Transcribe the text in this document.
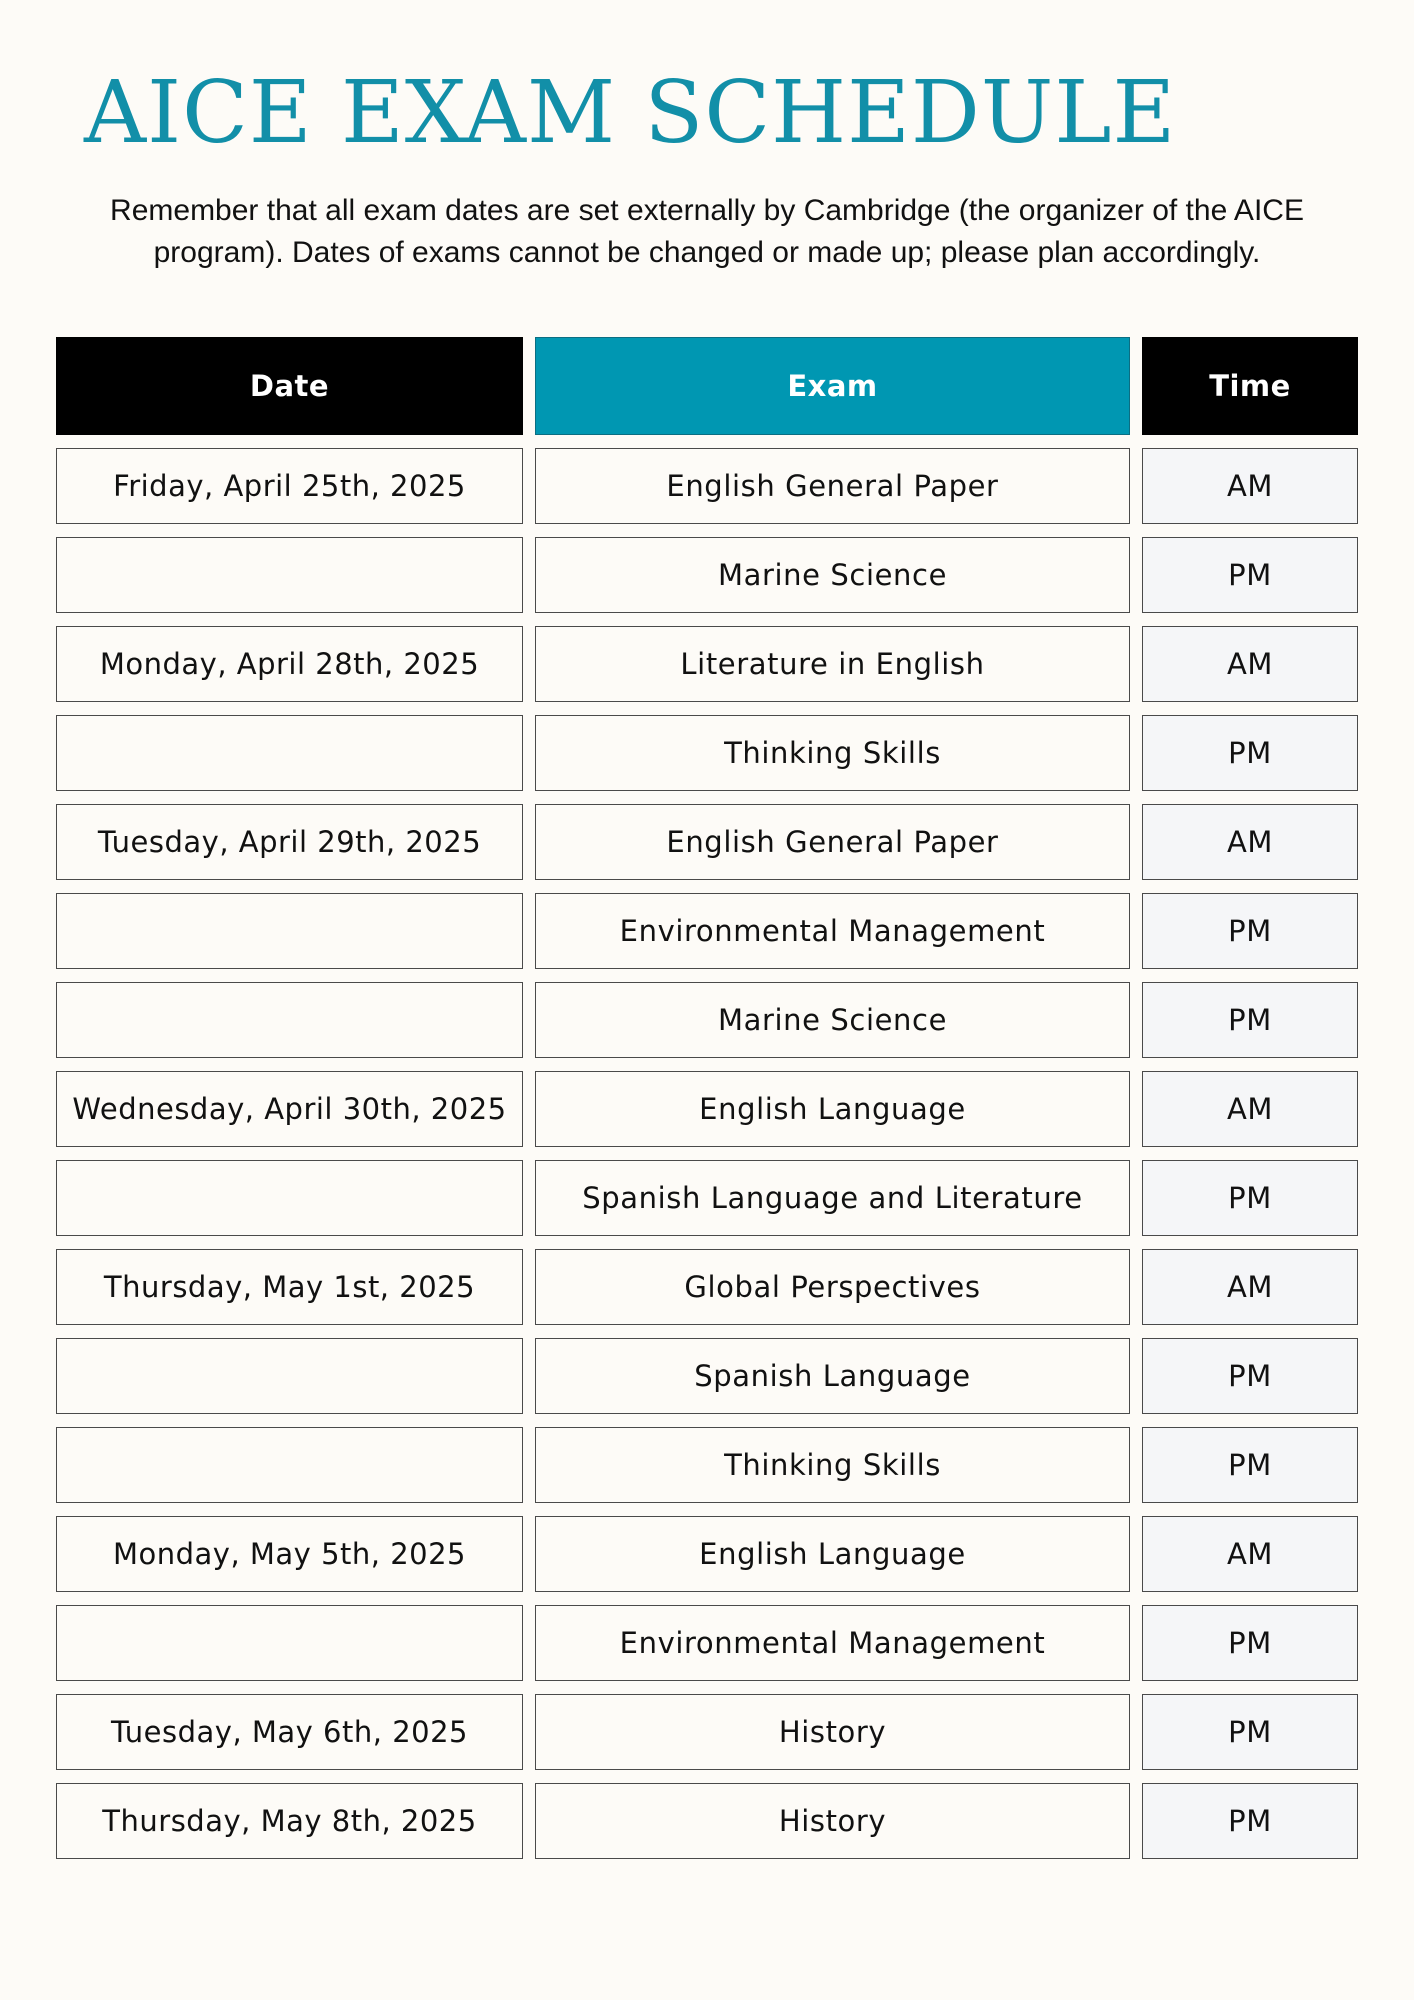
AICE EXAM SCHEDULE

Remember that all exam dates are set externally by Cambridge (the organizer of the AICE program). Dates of exams cannot be changed or made up; please plan accordingly.

Date
Friday, April 25th, 2025
Monday, April 28th, 2025
Tuesday, April 29th, 2025
Wednesday, April 30th, 2025
Thursday, May 1st, 2025
Monday, May 5th, 2025
Tuesday, May 6th, 2025
Thursday, May 8th, 2025
Exam
English General Paper
Marine Science
Literature in English
Thinking Skills
English General Paper
Environmental Management
Marine Science
English Language
Spanish Language and Literature
Global Perspectives
Spanish Language
Thinking Skills
English Language
Environmental Management
History
History
Time
AM
PM
AM
PM
AM
PM
PM
AM
PM
AM
PM
PM
AM
PM
PM
PM
